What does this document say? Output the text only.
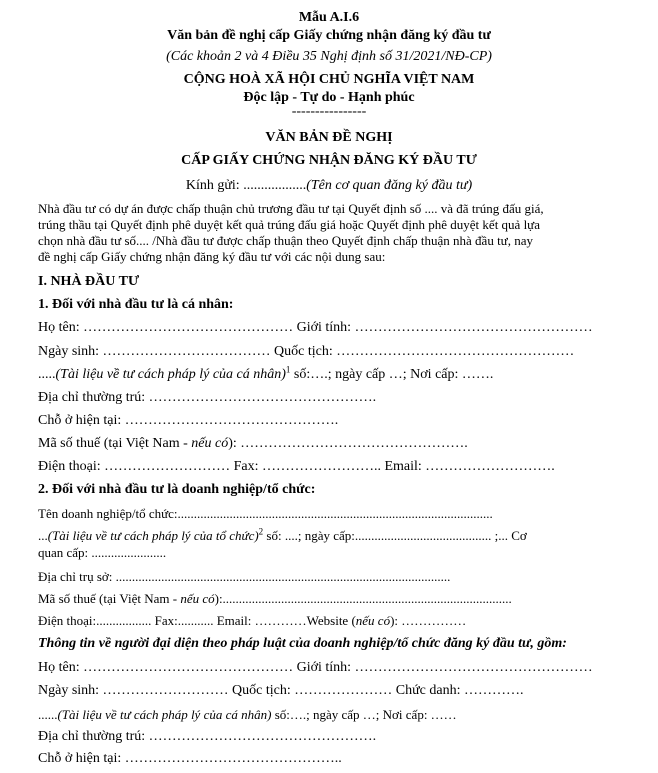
Mẫu A.I.6
Văn bản đề nghị cấp Giấy chứng nhận đăng ký đầu tư
(Các khoản 2 và 4 Điều 35 Nghị định số 31/2021/NĐ-CP)
CỘNG HOÀ XÃ HỘI CHỦ NGHĨA VIỆT NAM
Độc lập - Tự do - Hạnh phúc
----------------
VĂN BẢN ĐỀ NGHỊ
CẤP GIẤY CHỨNG NHẬN ĐĂNG KÝ ĐẦU TƯ
Kính gửi: ..................(Tên cơ quan đăng ký đầu tư)
Nhà đầu tư có dự án được chấp thuận chủ trương đầu tư tại Quyết định số .... và đã trúng đấu giá,
trúng thầu tại Quyết định phê duyệt kết quả trúng đấu giá hoặc Quyết định phê duyệt kết quả lựa
chọn nhà đầu tư số.... /Nhà đầu tư được chấp thuận theo Quyết định chấp thuận nhà đầu tư, nay
đề nghị cấp Giấy chứng nhận đăng ký đầu tư với các nội dung sau:
I. NHÀ ĐẦU TƯ
1. Đối với nhà đầu tư là cá nhân:
Họ tên: ……………………………………… Giới tính: ……………………………………………
Ngày sinh: ……………………………… Quốc tịch: ……………………………………………
.....(Tài liệu về tư cách pháp lý của cá nhân)$^1$ số:….; ngày cấp …; Nơi cấp: …….
Địa chỉ thường trú: ………………………………………….
Chỗ ở hiện tại: ……………………………………….
Mã số thuế (tại Việt Nam - nếu có): ………………………………………….
Điện thoại: ……………………… Fax: …………………….. Email: ……………………….
2. Đối với nhà đầu tư là doanh nghiệp/tổ chức:
Tên doanh nghiệp/tổ chức:.................................................................................................
...(Tài liệu về tư cách pháp lý của tổ chức)$^2$ số: ....; ngày cấp:.......................................... ;... Cơ
quan cấp: .......................
Địa chỉ trụ sở: .......................................................................................................
Mã số thuế (tại Việt Nam - nếu có):.........................................................................................
Điện thoại:................. Fax:........... Email: …………Website (nếu có): ……………
Thông tin về người đại diện theo pháp luật của doanh nghiệp/tổ chức đăng ký đầu tư, gồm:
Họ tên: ……………………………………… Giới tính: ……………………………………………
Ngày sinh: ……………………… Quốc tịch: ………………… Chức danh: ………….
......(Tài liệu về tư cách pháp lý của cá nhân) số:….; ngày cấp …; Nơi cấp: ……
Địa chỉ thường trú: ………………………………………….
Chỗ ở hiện tại: ………………………………………..
